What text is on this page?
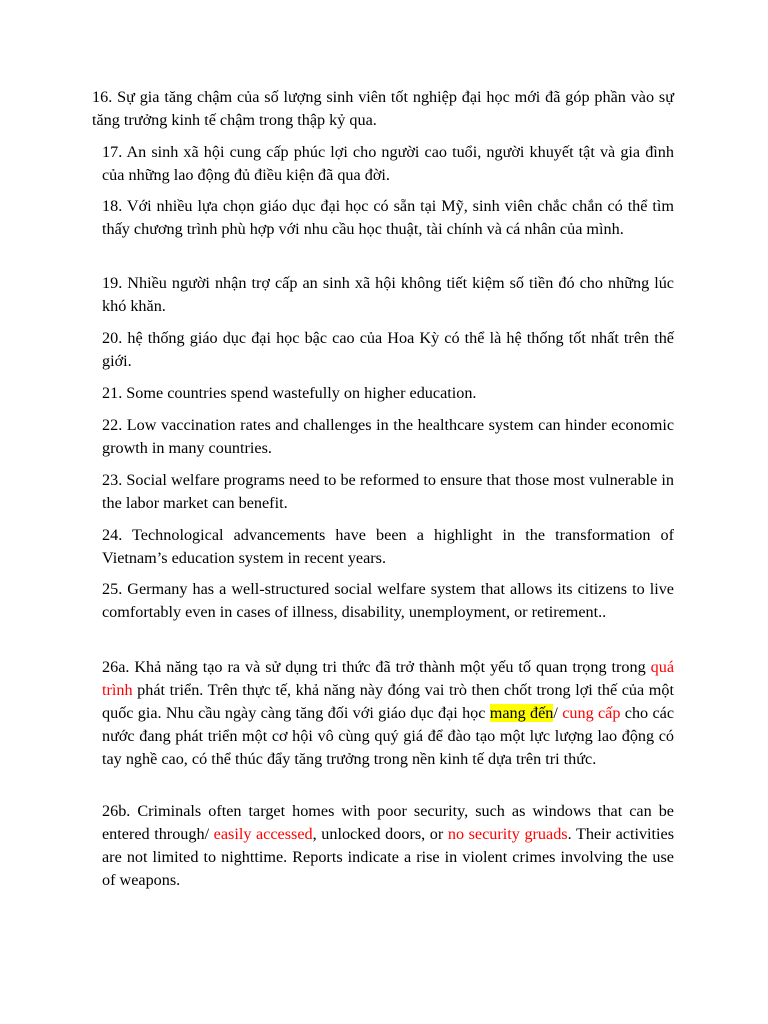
16. Sự gia tăng chậm của số lượng sinh viên tốt nghiệp đại học mới đã góp phần vào sự tăng trưởng kinh tế chậm trong thập kỷ qua.

17. An sinh xã hội cung cấp phúc lợi cho người cao tuổi, người khuyết tật và gia đình của những lao động đủ điều kiện đã qua đời.

18. Với nhiều lựa chọn giáo dục đại học có sẵn tại Mỹ, sinh viên chắc chắn có thể tìm thấy chương trình phù hợp với nhu cầu học thuật, tài chính và cá nhân của mình.

19. Nhiều người nhận trợ cấp an sinh xã hội không tiết kiệm số tiền đó cho những lúc khó khăn.

20. hệ thống giáo dục đại học bậc cao của Hoa Kỳ có thể là hệ thống tốt nhất trên thế giới.

21. Some countries spend wastefully on higher education.

22. Low vaccination rates and challenges in the healthcare system can hinder economic growth in many countries.

23. Social welfare programs need to be reformed to ensure that those most vulnerable in the labor market can benefit.

24. Technological advancements have been a highlight in the transformation of Vietnam’s education system in recent years.

25. Germany has a well-structured social welfare system that allows its citizens to live comfortably even in cases of illness, disability, unemployment, or retirement..

26a. Khả năng tạo ra và sử dụng tri thức đã trở thành một yếu tố quan trọng trong quá trình phát triển. Trên thực tế, khả năng này đóng vai trò then chốt trong lợi thế của một quốc gia. Nhu cầu ngày càng tăng đối với giáo dục đại học mang đến/ cung cấp cho các nước đang phát triển một cơ hội vô cùng quý giá để đào tạo một lực lượng lao động có tay nghề cao, có thể thúc đẩy tăng trưởng trong nền kinh tế dựa trên tri thức.

26b. Criminals often target homes with poor security, such as windows that can be entered through/ easily accessed, unlocked doors, or no security gruads. Their activities are not limited to nighttime. Reports indicate a rise in violent crimes involving the use of weapons.
